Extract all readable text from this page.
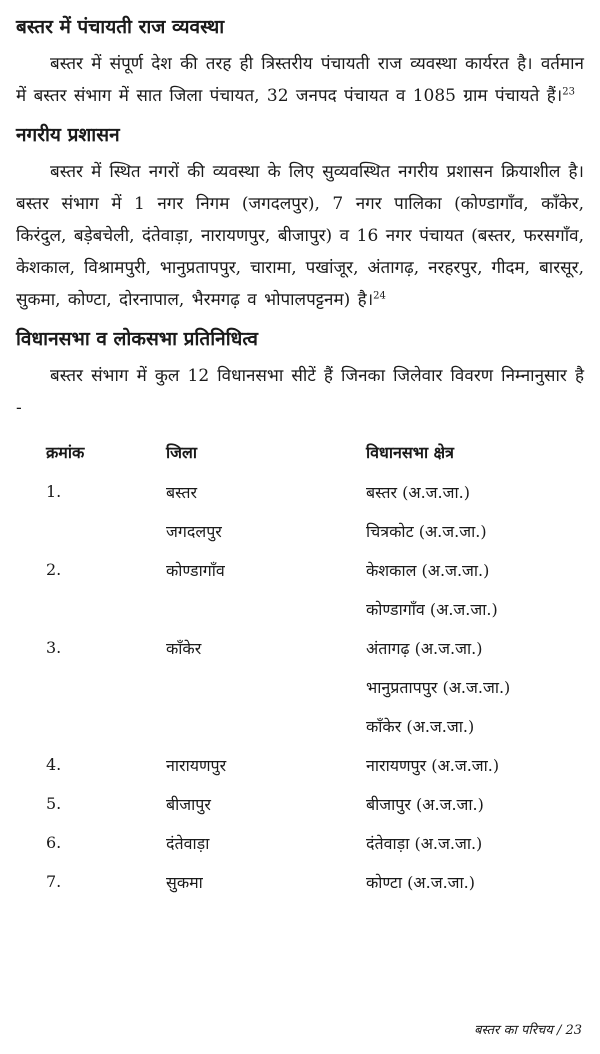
बस्तर में पंचायती राज व्यवस्था

बस्तर में संपूर्ण देश की तरह ही त्रिस्तरीय पंचायती राज व्यवस्था कार्यरत है। वर्तमान में बस्तर संभाग में सात जिला पंचायत, 32 जनपद पंचायत व 1085 ग्राम पंचायते हैं।$^{23}$

नगरीय प्रशासन

बस्तर में स्थित नगरों की व्यवस्था के लिए सुव्यवस्थित नगरीय प्रशासन क्रियाशील है। बस्तर संभाग में 1 नगर निगम (जगदलपुर), 7 नगर पालिका (कोण्डागाँव, काँकेर, किरंदुल, बड़ेबचेली, दंतेवाड़ा, नारायणपुर, बीजापुर) व 16 नगर पंचायत (बस्तर, फरसगाँव, केशकाल, विश्रामपुरी, भानुप्रतापपुर, चारामा, पखांजूर, अंतागढ़, नरहरपुर, गीदम, बारसूर, सुकमा, कोण्टा, दोरनापाल, भैरमगढ़ व भोपालपट्टनम) है।$^{24}$

विधानसभा व लोकसभा प्रतिनिधित्व

बस्तर संभाग में कुल 12 विधानसभा सीटें हैं जिनका जिलेवार विवरण निम्नानुसार है -

क्रमांक	जिला	विधानसभा क्षेत्र
1.	बस्तर	बस्तर (अ.ज.जा.)
	जगदलपुर	चित्रकोट (अ.ज.जा.)
2.	कोण्डागाँव	केशकाल (अ.ज.जा.)
		कोण्डागाँव (अ.ज.जा.)
3.	काँकेर	अंतागढ़ (अ.ज.जा.)
		भानुप्रतापपुर (अ.ज.जा.)
		काँकेर (अ.ज.जा.)
4.	नारायणपुर	नारायणपुर (अ.ज.जा.)
5.	बीजापुर	बीजापुर (अ.ज.जा.)
6.	दंतेवाड़ा	दंतेवाड़ा (अ.ज.जा.)
7.	सुकमा	कोण्टा (अ.ज.जा.)
बस्तर का परिचय / 23
